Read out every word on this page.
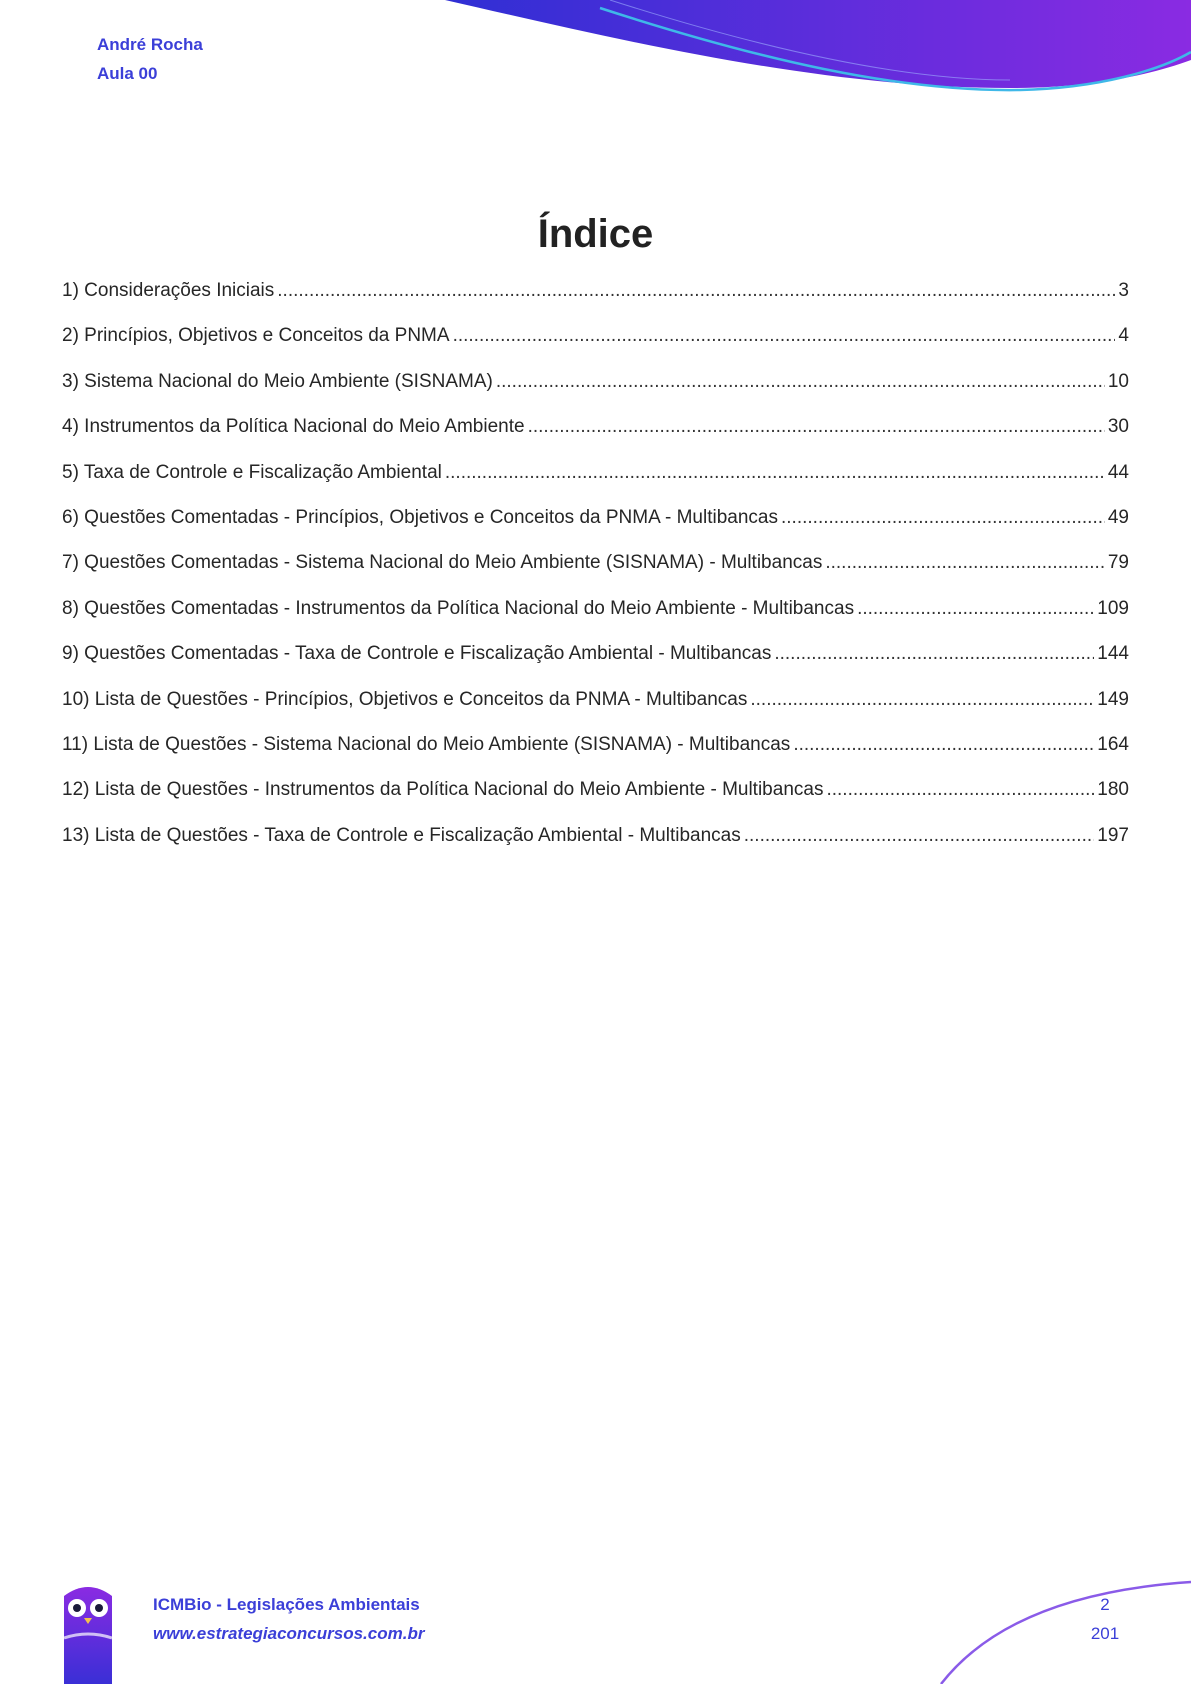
André Rocha
Aula 00
Índice
1) Considerações Iniciais .....	3
2) Princípios, Objetivos e Conceitos da PNMA .....	4
3) Sistema Nacional do Meio Ambiente (SISNAMA) .....	10
4) Instrumentos da Política Nacional do Meio Ambiente .....	30
5) Taxa de Controle e Fiscalização Ambiental .....	44
6) Questões Comentadas - Princípios, Objetivos e Conceitos da PNMA - Multibancas .....	49
7) Questões Comentadas - Sistema Nacional do Meio Ambiente (SISNAMA) - Multibancas .....	79
8) Questões Comentadas - Instrumentos da Política Nacional do Meio Ambiente - Multibancas .....	109
9) Questões Comentadas - Taxa de Controle e Fiscalização Ambiental - Multibancas .....	144
10) Lista de Questões - Princípios, Objetivos e Conceitos da PNMA - Multibancas .....	149
11) Lista de Questões - Sistema Nacional do Meio Ambiente (SISNAMA) - Multibancas .....	164
12) Lista de Questões - Instrumentos da Política Nacional do Meio Ambiente - Multibancas .....	180
13) Lista de Questões - Taxa de Controle e Fiscalização Ambiental - Multibancas .....	197
ICMBio - Legislações Ambientais
www.estrategiaconcursos.com.br
2
201
